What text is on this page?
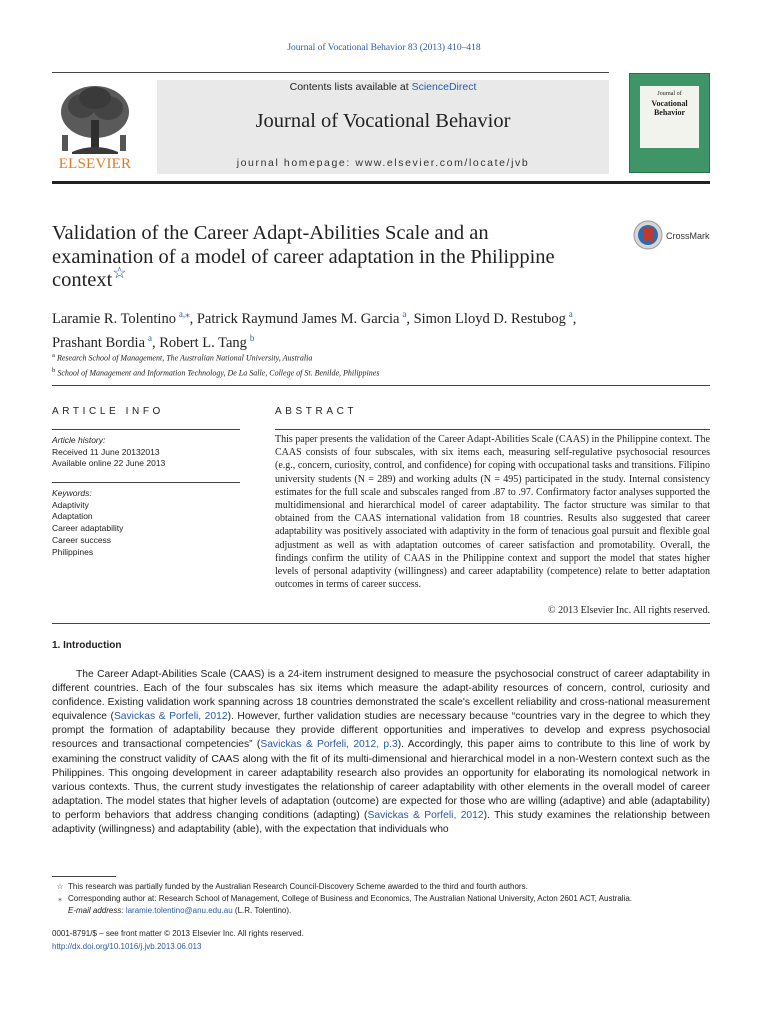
Journal of Vocational Behavior 83 (2013) 410–418
ELSEVIER
Contents lists available at ScienceDirect
Journal of Vocational Behavior
journal homepage: www.elsevier.com/locate/jvb
Journal of
Vocational
Behavior
Validation of the Career Adapt-Abilities Scale and an examination of a model of career adaptation in the Philippine context☆
CrossMark
Laramie R. Tolentino  $^{a,⁎}$, Patrick Raymund James M. Garcia  $^a$, Simon Lloyd D. Restubog  $^a$,
Prashant Bordia  $^a$, Robert L. Tang  $^b$
$^a$ Research School of Management, The Australian National University, Australia
$^b$ School of Management and Information Technology, De La Salle, College of St. Benilde, Philippines
ARTICLE INFO
Article history:
Received 11 June 20132013
Available online 22 June 2013
Keywords:
Adaptivity
Adaptation
Career adaptability
Career success
Philippines
ABSTRACT

This paper presents the validation of the Career Adapt-Abilities Scale (CAAS) in the Philippine context. The CAAS consists of four subscales, with six items each, measuring self-regulative psychosocial resources (e.g., concern, curiosity, control, and confidence) for coping with occupational tasks and transitions. Filipino university students (N = 289) and working adults (N = 495) participated in the study. Internal consistency estimates for the full scale and subscales ranged from .87 to .97. Confirmatory factor analyses supported the multidimensional and hierarchical model of career adaptability. The factor structure was similar to that obtained from the CAAS international validation from 18 countries. Results also suggested that career adaptability was positively associated with adaptivity in the form of tenacious goal pursuit and flexible goal adjustment as well as with adaptation outcomes of career satisfaction and promotability. Overall, the findings confirm the utility of CAAS in the Philippine context and support the model that states higher levels of personal adaptivity (willingness) and career adaptability (competence) relate to better adaptation outcomes in terms of career success.

© 2013 Elsevier Inc. All rights reserved.
1. Introduction

The Career Adapt-Abilities Scale (CAAS) is a 24-item instrument designed to measure the psychosocial construct of career adaptability in different countries. Each of the four subscales has six items which measure the adapt-ability resources of concern, control, curiosity and confidence. Existing validation work spanning across 18 countries demonstrated the scale's excellent reliability and cross-national measurement equivalence (Savickas & Porfeli, 2012). However, further validation studies are necessary because “countries vary in the degree to which they prompt the formation of adaptability because they provide different opportunities and imperatives to develop and express psychosocial resources and transactional competencies” (Savickas & Porfeli, 2012, p.3). Accordingly, this paper aims to contribute to this line of work by examining the construct validity of CAAS along with the fit of its multi-dimensional and hierarchical model in a non-Western context such as the Philippines. This ongoing development in career adaptability research also provides an opportunity for elaborating its nomological network in various contexts. Thus, the current study investigates the relationship of career adaptability with other elements in the overall model of career adaptation. The model states that higher levels of adaptation (outcome) are expected for those who are willing (adaptive) and able (adaptability) to perform behaviors that address changing conditions (adapting) (Savickas & Porfeli, 2012). This study examines the relationship between adaptivity (willingness) and adaptability (able), with the expectation that individuals who

☆ This research was partially funded by the Australian Research Council-Discovery Scheme awarded to the third and fourth authors.
⁎ Corresponding author at: Research School of Management, College of Business and Economics, The Australian National University, Acton 2601 ACT, Australia.
E-mail address: laramie.tolentino@anu.edu.au (L.R. Tolentino).
0001-8791/$ – see front matter © 2013 Elsevier Inc. All rights reserved.
http://dx.doi.org/10.1016/j.jvb.2013.06.013
